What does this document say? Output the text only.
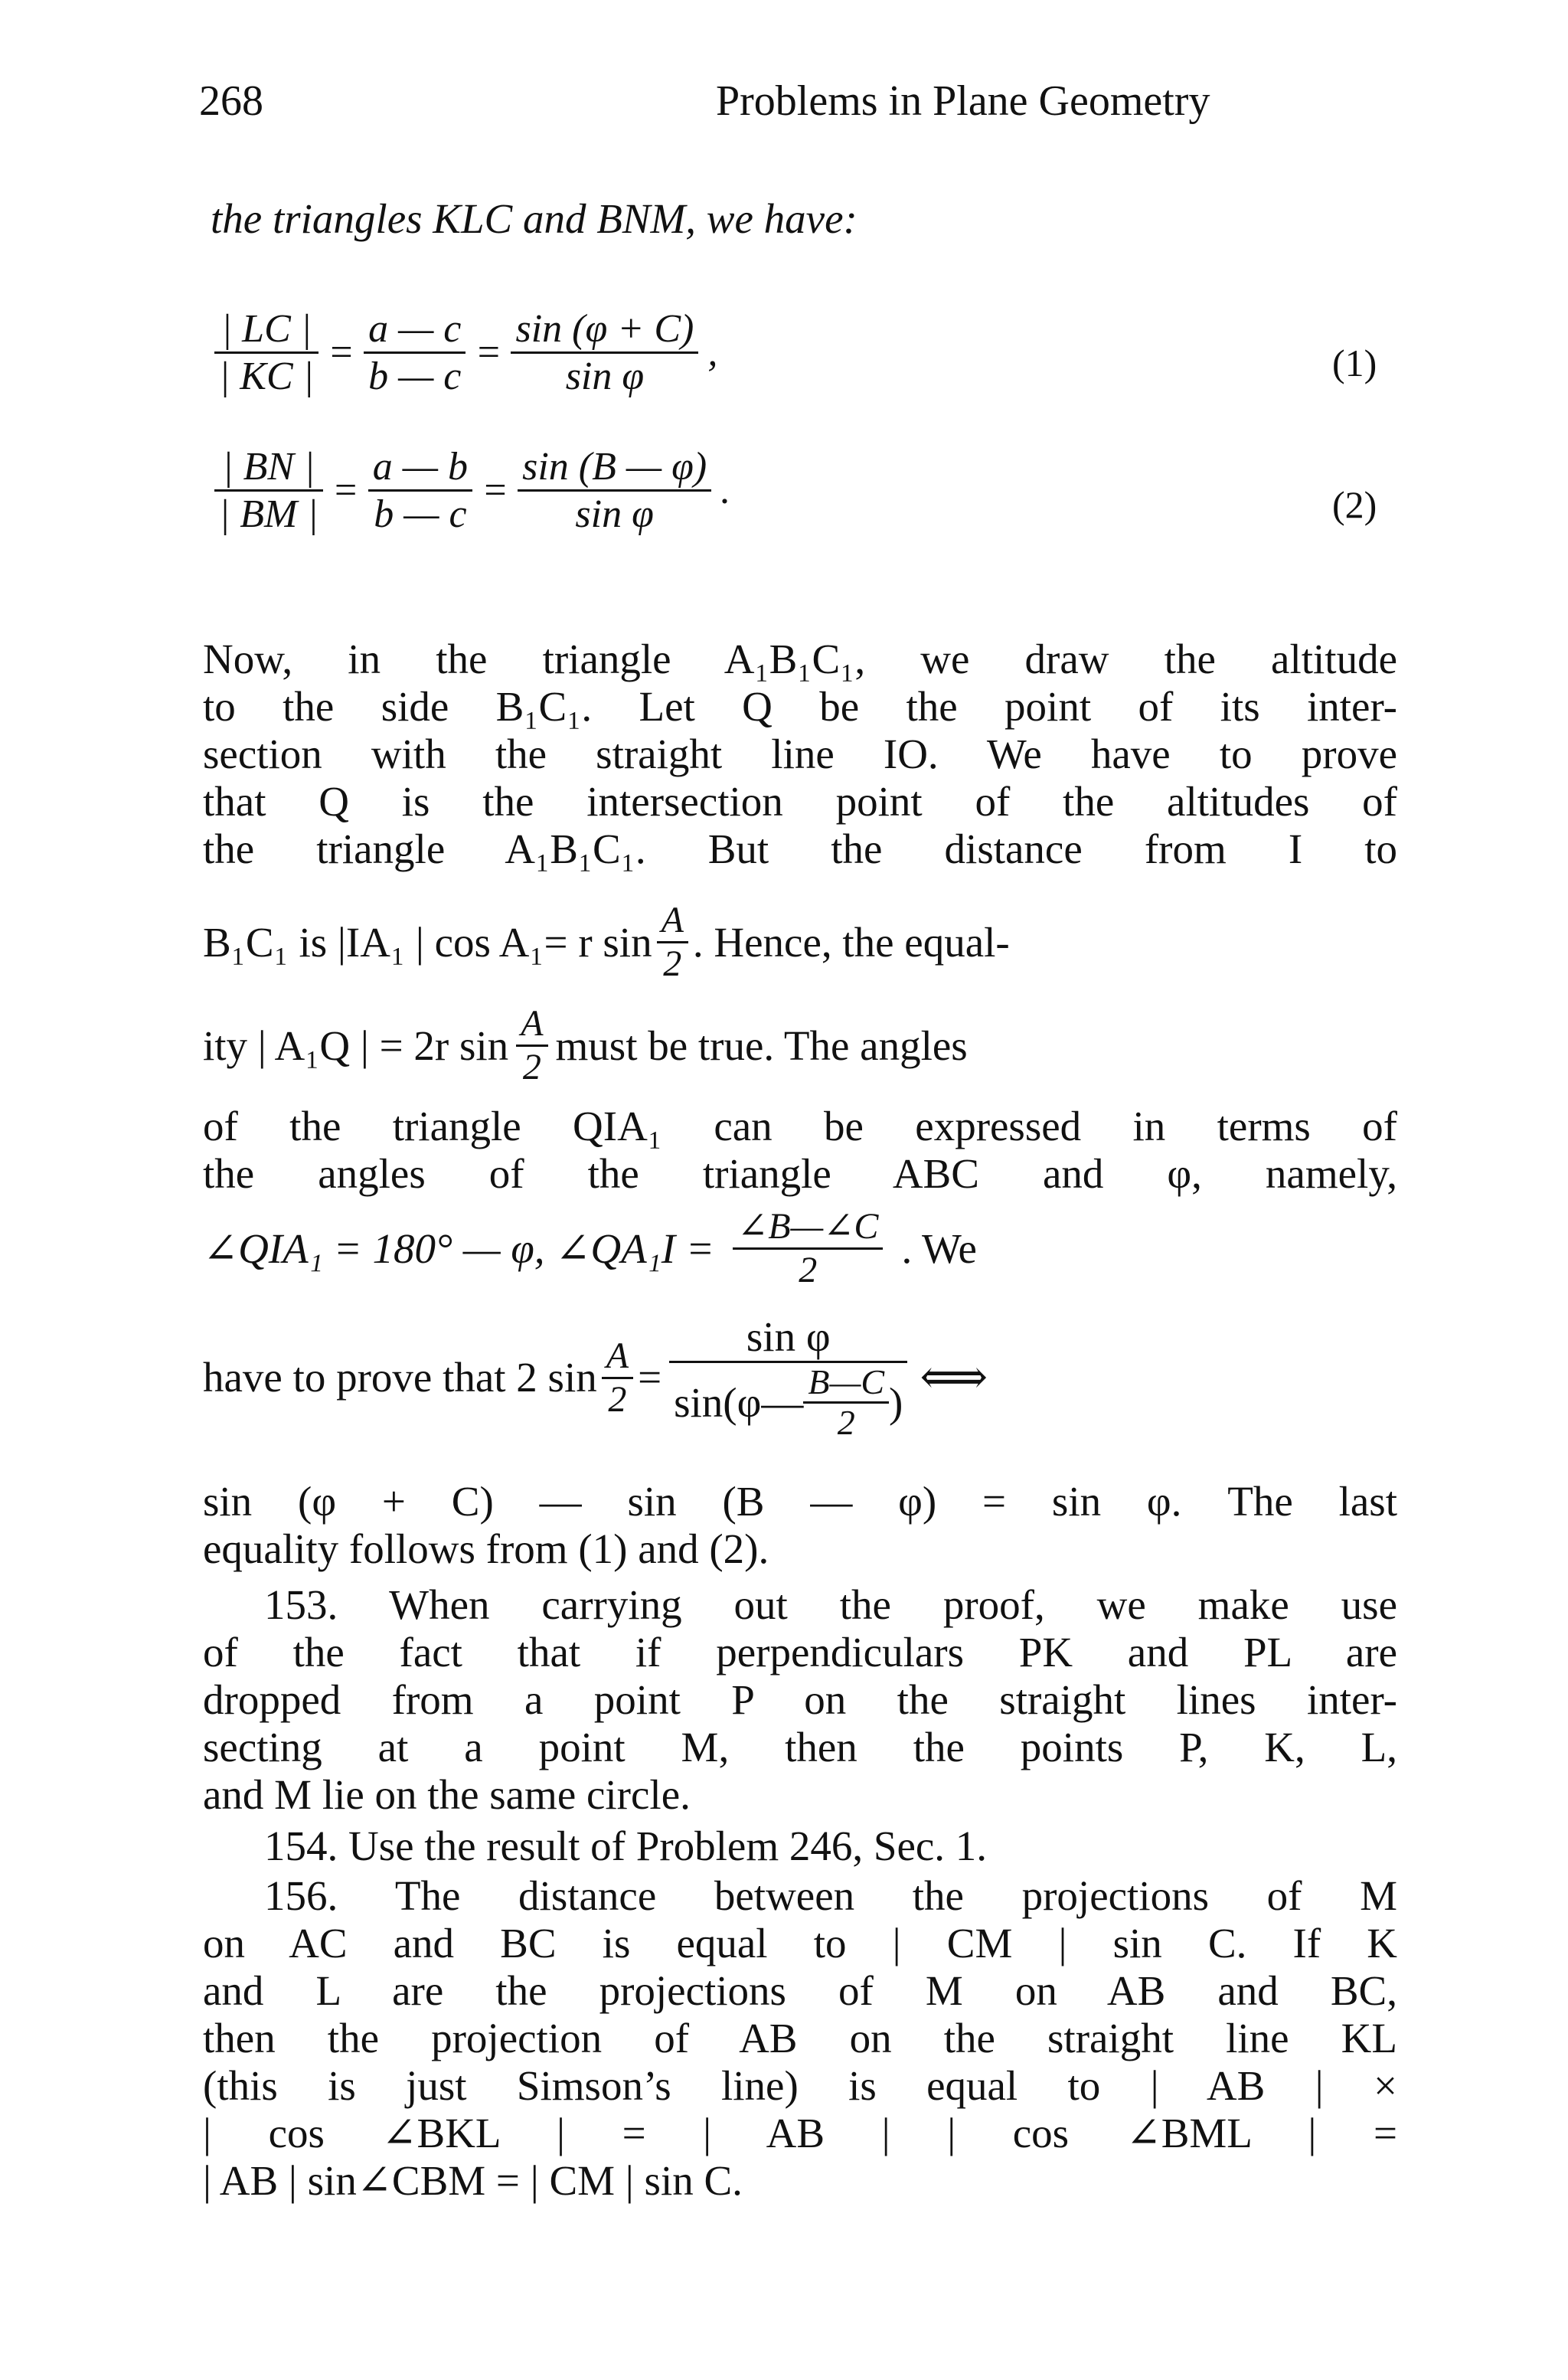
268	Problems in Plane Geometry
the triangles KLC and BNM, we have:
$\frac{| LC |}{| KC |} = \frac{a — c}{b — c} = \frac{\sin (\varphi + C)}{\text{sin φ}}$ ,	(1)
$\frac{| BN |}{| BM |} = \frac{a — b}{b — c} = \frac{\sin (B — \varphi)}{\text{sin φ}}$ .	(2)
Now, in the triangle A₁B₁C₁, we draw the altitude
to the side B₁C₁. Let Q be the point of its inter-
section with the straight line IO. We have to prove
that Q is the intersection point of the altitudes of
the triangle A₁B₁C₁. But the distance from I to
B₁C₁ is |IA₁ | cos A₁= r $\sin \frac{A}{2}$ . Hence, the equal-
ity | A₁Q | = 2r $\sin \frac{A}{2}$ must be true. The angles
of the triangle QIA₁ can be expressed in terms of
the angles of the triangle ABC and φ, namely,
∠QIA₁ = 180° — φ, ∠QA₁I = $\frac{\angle B—\angle C}{2}$ . We
have to prove that 2 $\sin \frac{A}{2} = \frac{\text{sin φ}}{\sin(\varphi— \frac{B—C}{2} )}$ ⟺
sin (φ + C) — sin (B — φ) = sin φ. The last
equality follows from (1) and (2).
153. When carrying out the proof, we make use
of the fact that if perpendiculars PK and PL are
dropped from a point P on the straight lines inter-
secting at a point M, then the points P, K, L,
and M lie on the same circle.
154. Use the result of Problem 246, Sec. 1.
156. The distance between the projections of M
on AC and BC is equal to | CM | sin C. If K
and L are the projections of M on AB and BC,
then the projection of AB on the straight line KL
(this is just Simson’s line) is equal to | AB | ×
| cos ∠BKL | = | AB | | cos ∠BML | =
| AB | sin∠CBM = | CM | sin C.
